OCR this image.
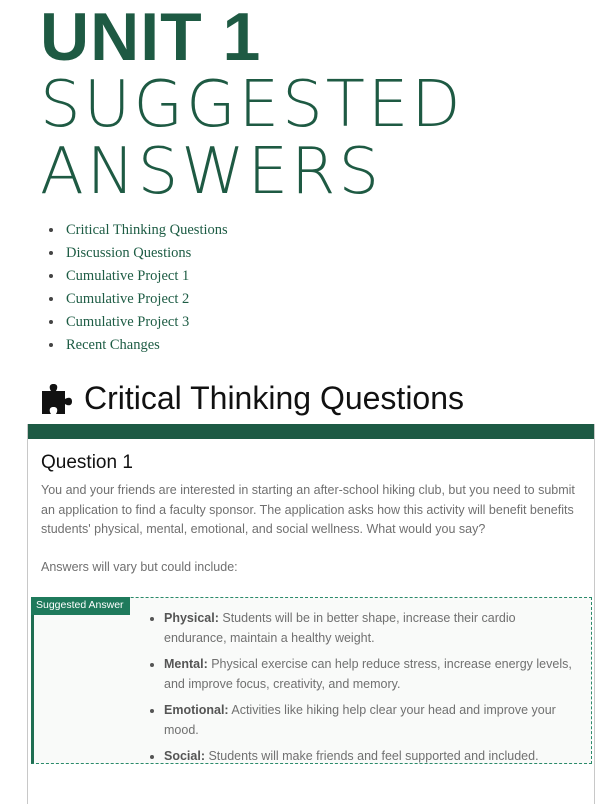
UNIT 1
SUGGESTED
ANSWERS
• Critical Thinking Questions
• Discussion Questions
• Cumulative Project 1
• Cumulative Project 2
• Cumulative Project 3
• Recent Changes
Critical Thinking Questions
Question 1

You and your friends are interested in starting an after-school hiking club, but you need to submit an application to find a faculty sponsor. The application asks how this activity will benefit benefits students' physical, mental, emotional, and social wellness. What would you say?

Answers will vary but could include:

Suggested Answer
• Physical: Students will be in better shape, increase their cardio endurance, maintain a healthy weight.
• Mental: Physical exercise can help reduce stress, increase energy levels, and improve focus, creativity, and memory.
• Emotional: Activities like hiking help clear your head and improve your mood.
• Social: Students will make friends and feel supported and included.
